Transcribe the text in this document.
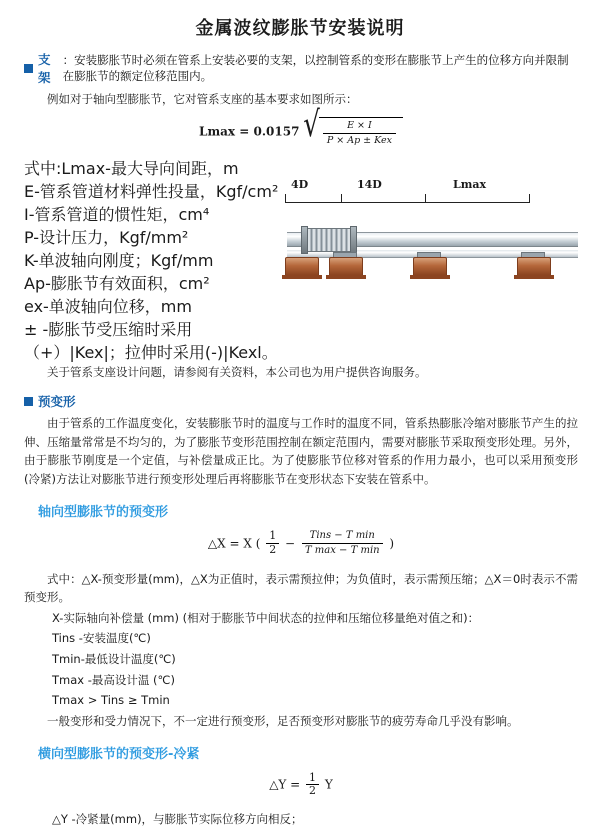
金属波纹膨胀节安装说明
支架
：安装膨胀节时必须在管系上安装必要的支架，以控制管系的变形在膨胀节上产生的位移方向并限制在膨胀节的额定位移范围内。

例如对于轴向型膨胀节，它对管系支座的基本要求如图所示：

Lmax = 0.0157 √ $\frac{E \times I}{\text{P × Ap ± Kex}}$
式中:Lmax-最大导向间距，m
E-管系管道材料弹性投量，Kgf/cm²
I-管系管道的惯性矩，cm⁴
P-设计压力，Kgf/mm²
K-单波轴向刚度；Kgf/mm
Ap-膨胀节有效面积，cm²
ex-单波轴向位移，mm
± -膨胀节受压缩时采用（+）|Kex|；拉伸时采用(-)|Kexl。
4D	14D	Lmax

关于管系支座设计问题，请参阅有关资料，本公司也为用户提供咨询服务。

预变形

由于管系的工作温度变化，安装膨胀节时的温度与工作时的温度不同，管系热膨胀冷缩对膨胀节产生的拉伸、压缩量常常是不均匀的，为了膨胀节变形范围控制在额定范围内，需要对膨胀节采取预变形处理。另外，由于膨胀节刚度是一个定值，与补偿量成正比。为了使膨胀节位移对管系的作用力最小，也可以采用预变形(冷紧)方法让对膨胀节进行预变形处理后再将膨胀节在变形状态下安装在管系中。

轴向型膨胀节的预变形
△X = X ( $\frac{1}{2} - \frac{\text{Tins − T min}}{\text{T max − T min}}$ )

式中：△X-预变形量(mm)，△X为正值时，表示需预拉伸；为负值时，表示需预压缩；△X＝0时表示不需预变形。

X-实际轴向补偿量 (mm) (相对于膨胀节中间状态的拉伸和压缩位移量绝对值之和)：

Tins -安装温度(℃)

Tmin-最低设计温度(℃)

Tmax -最高设计温 (℃)

Tmax > Tins ≥ Tmin

一般变形和受力情况下，不一定进行预变形，足否预变形对膨胀节的疲劳寿命几乎没有影响。

横向型膨胀节的预变形-冷紧
△Y = $\frac{1}{2}$ Y

△Y -冷紧量(mm)，与膨胀节实际位移方向相反；
